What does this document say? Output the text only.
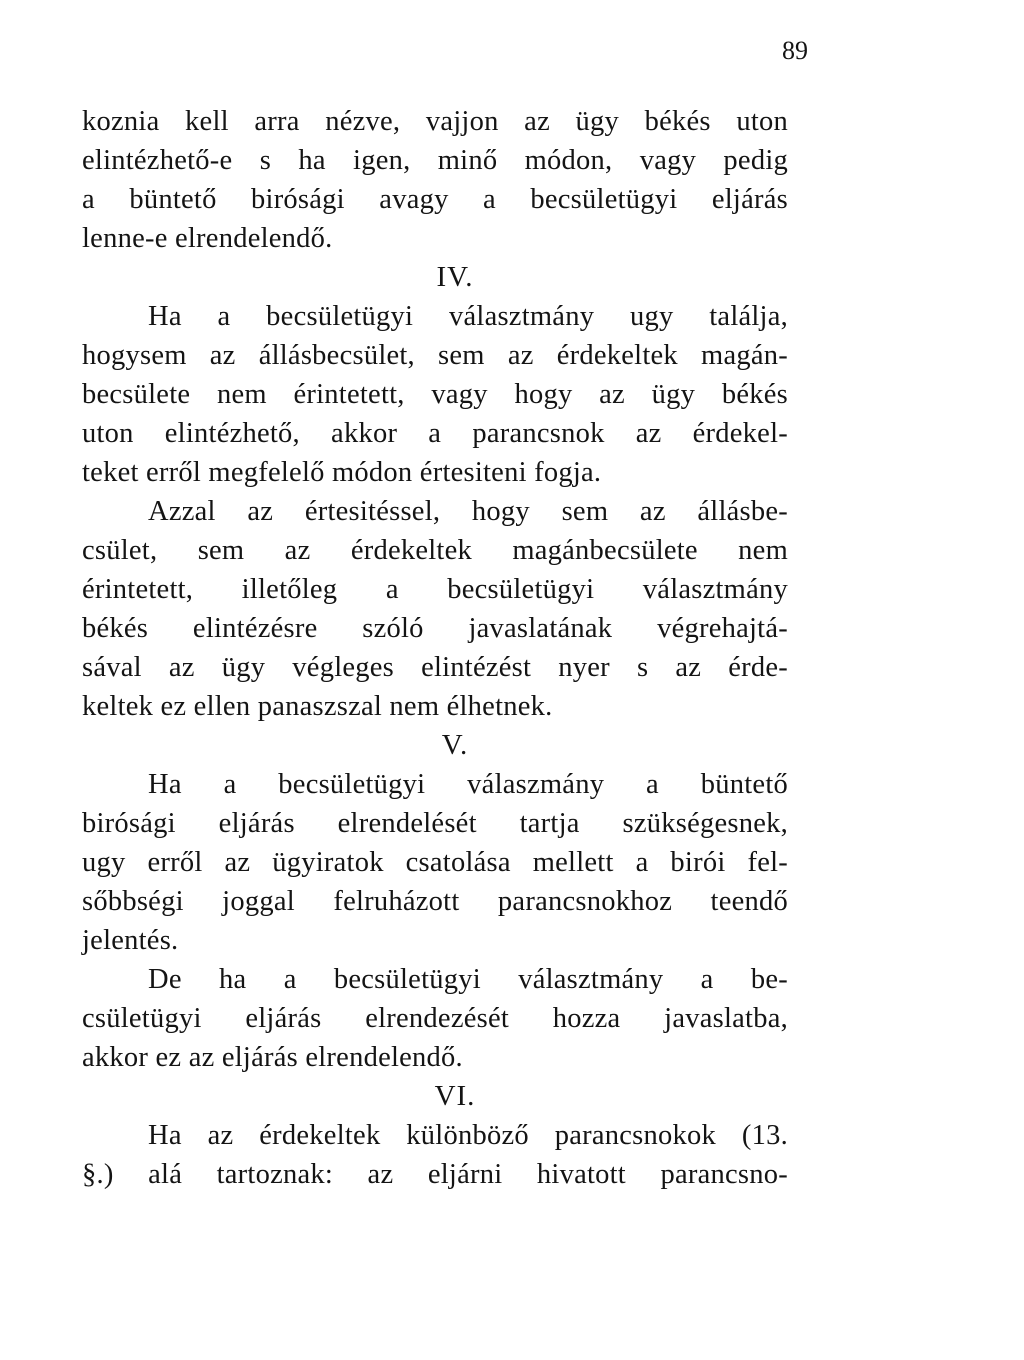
89
koznia kell arra nézve, vajjon az ügy békés uton
elintézhető-e s ha igen, minő módon, vagy pedig
a büntető birósági avagy a becsületügyi eljárás
lenne-e elrendelendő.
IV.
Ha a becsületügyi választmány ugy találja,
hogysem az állásbecsület, sem az érdekeltek magán-
becsülete nem érintetett, vagy hogy az ügy békés
uton elintézhető, akkor a parancsnok az érdekel-
teket erről megfelelő módon értesiteni fogja.
Azzal az értesitéssel, hogy sem az állásbe-
csület, sem az érdekeltek magánbecsülete nem
érintetett, illetőleg a becsületügyi választmány
békés elintézésre szóló javaslatának végrehajtá-
sával az ügy végleges elintézést nyer s az érde-
keltek ez ellen panaszszal nem élhetnek.
V.
Ha a becsületügyi válaszmány a büntető
birósági eljárás elrendelését tartja szükségesnek,
ugy erről az ügyiratok csatolása mellett a birói fel-
sőbbségi joggal felruházott parancsnokhoz teendő
jelentés.
De ha a becsületügyi választmány a be-
csületügyi eljárás elrendezését hozza javaslatba,
akkor ez az eljárás elrendelendő.
VI.
Ha az érdekeltek különböző parancsnokok (13.
§.) alá tartoznak: az eljárni hivatott parancsno-
